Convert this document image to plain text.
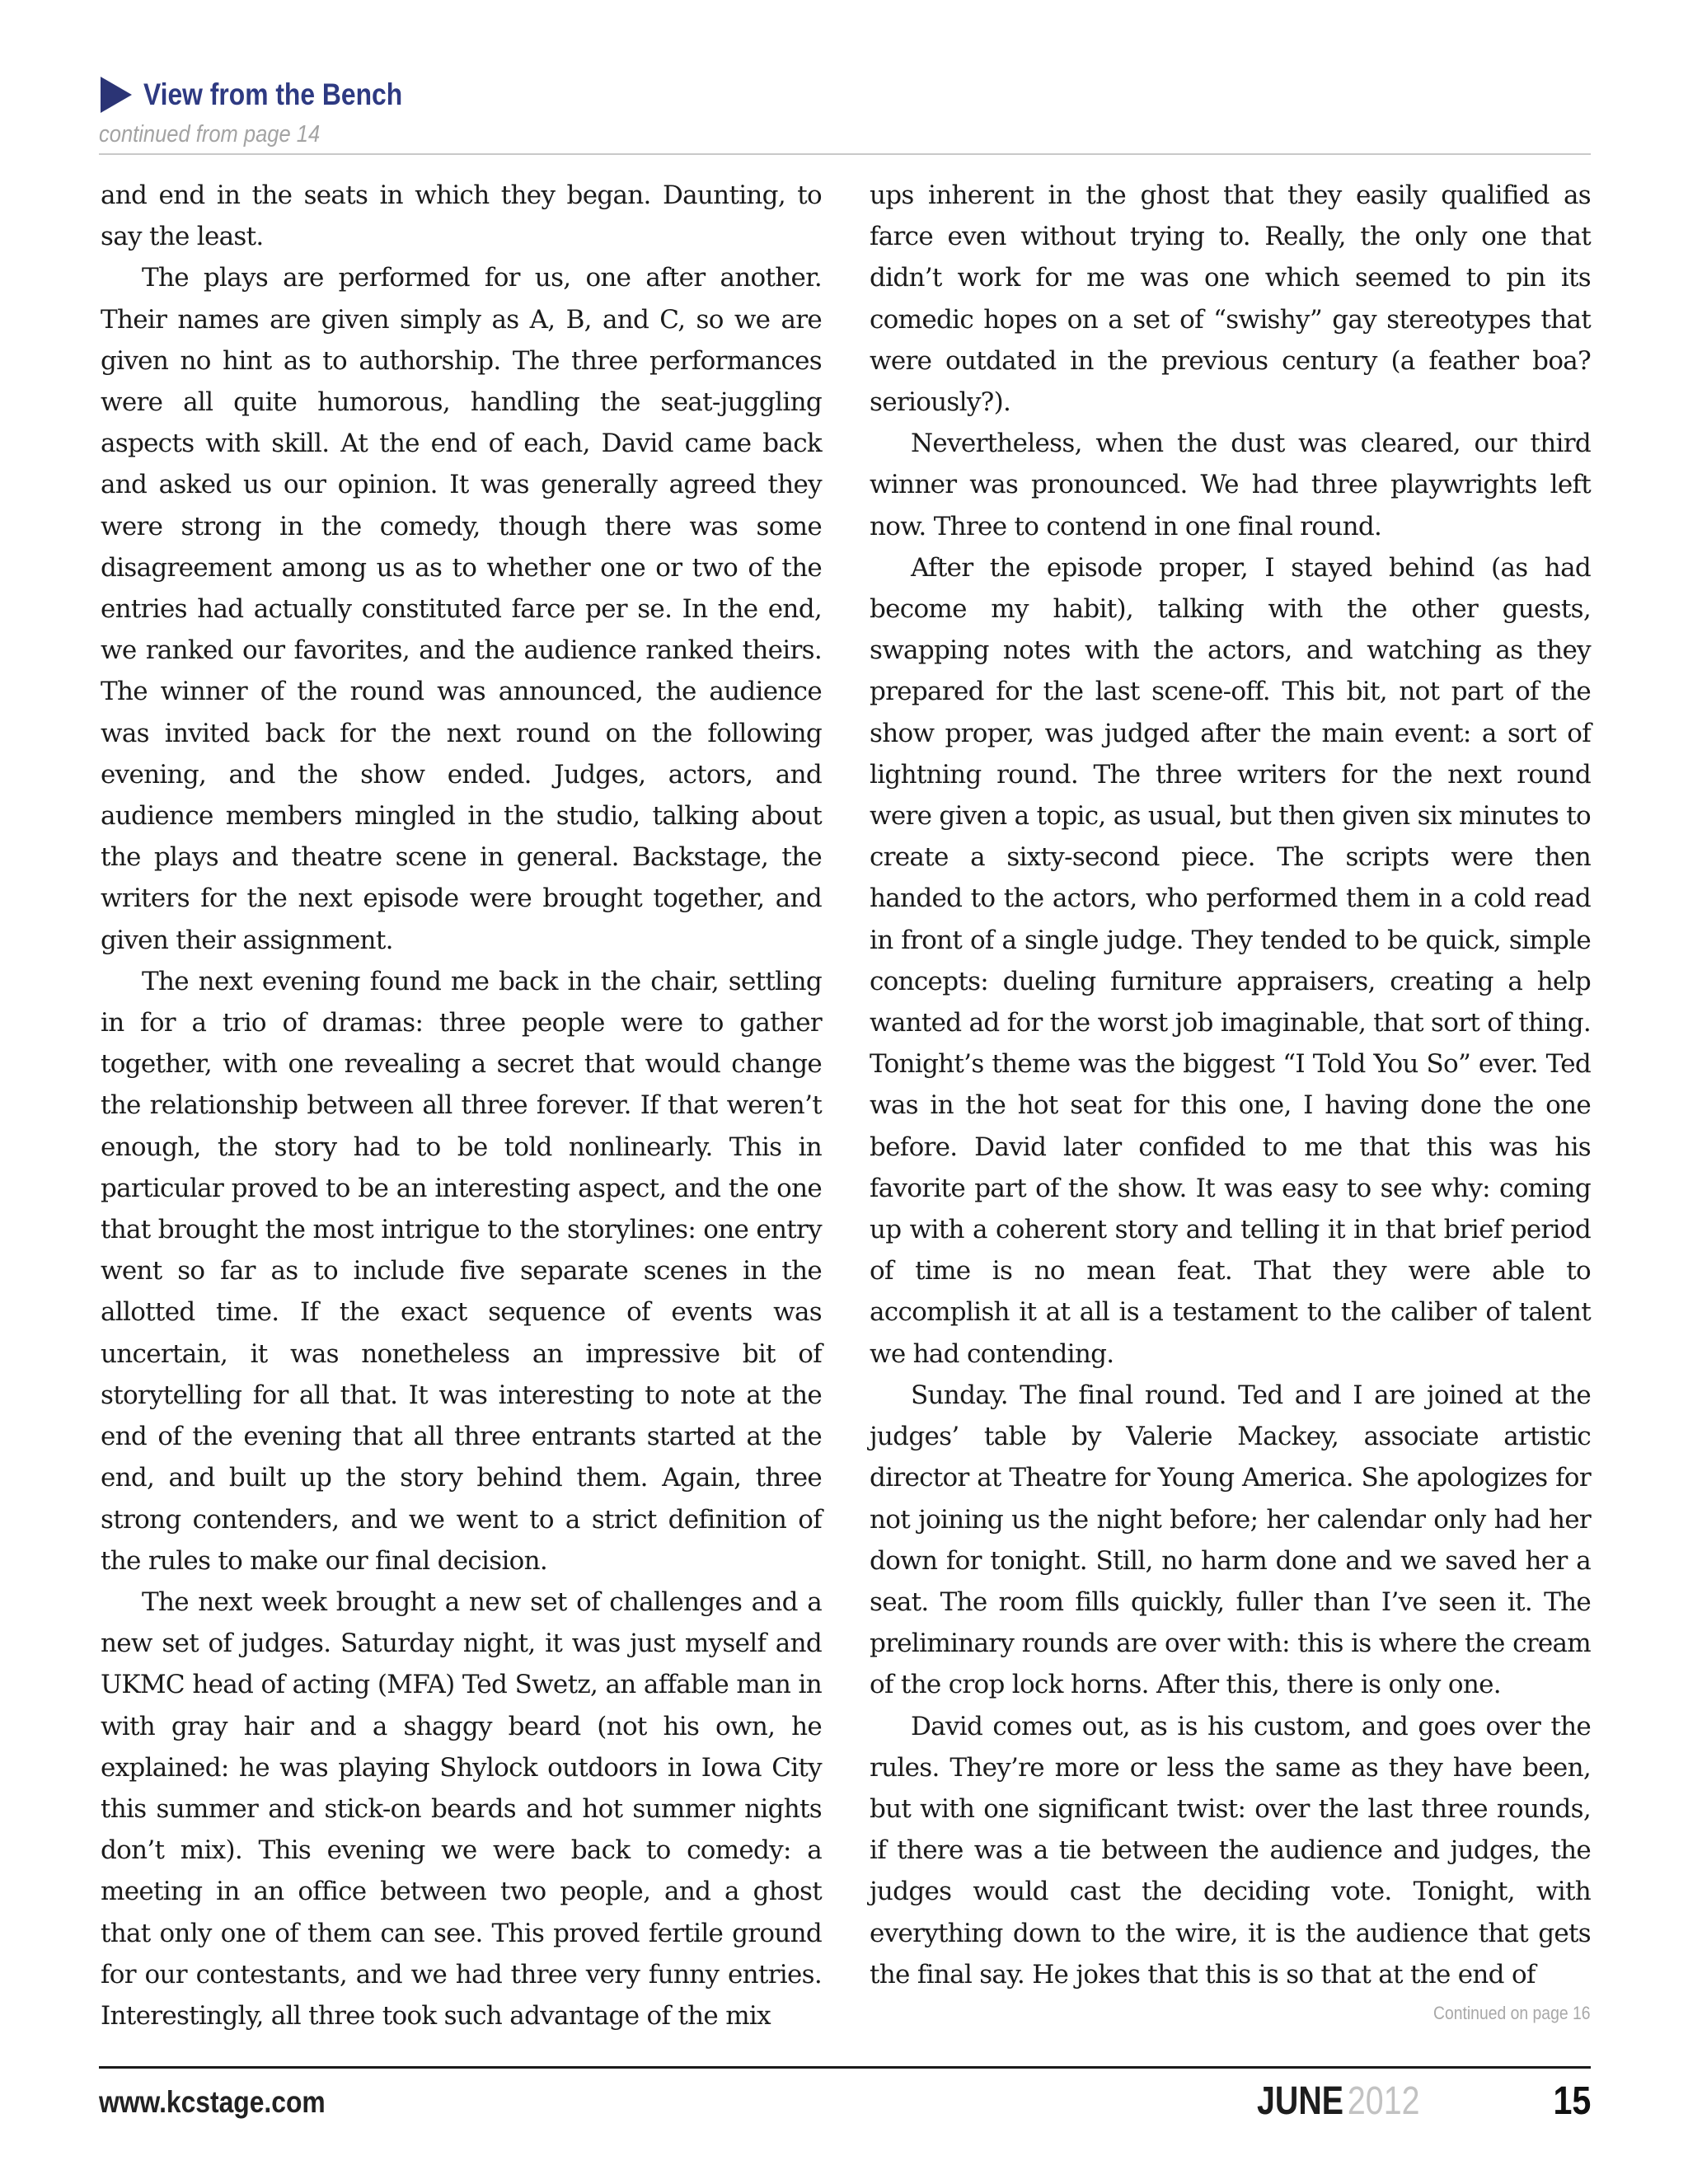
View from the Bench
continued from page 14

and end in the seats in which they began. Daunting, to say the least.

The plays are performed for us, one after another. Their names are given simply as A, B, and C, so we are given no hint as to authorship. The three performances were all quite humorous, handling the seat-juggling aspects with skill. At the end of each, David came back and asked us our opinion. It was generally agreed they were strong in the comedy, though there was some disagreement among us as to whether one or two of the entries had actually constituted farce per se. In the end, we ranked our favorites, and the audience ranked theirs. The winner of the round was announced, the audience was invited back for the next round on the following evening, and the show ended. Judges, actors, and audience members mingled in the studio, talking about the plays and theatre scene in general. Backstage, the writers for the next episode were brought together, and given their assignment.

The next evening found me back in the chair, settling in for a trio of dramas: three people were to gather together, with one revealing a secret that would change the relationship between all three forever. If that weren’t enough, the story had to be told nonlinearly. This in particular proved to be an interesting aspect, and the one that brought the most intrigue to the storylines: one entry went so far as to include five separate scenes in the allotted time. If the exact sequence of events was uncertain, it was nonetheless an impressive bit of storytelling for all that. It was interesting to note at the end of the evening that all three entrants started at the end, and built up the story behind them. Again, three strong contenders, and we went to a strict definition of the rules to make our final decision.

The next week brought a new set of challenges and a new set of judges. Saturday night, it was just myself and UKMC head of acting (MFA) Ted Swetz, an affable man in with gray hair and a shaggy beard (not his own, he explained: he was playing Shylock outdoors in Iowa City this summer and stick-on beards and hot summer nights don’t mix). This evening we were back to comedy: a meeting in an office between two people, and a ghost that only one of them can see. This proved fertile ground for our contestants, and we had three very funny entries. Interestingly, all three took such advantage of the mix

ups inherent in the ghost that they easily qualified as farce even without trying to. Really, the only one that didn’t work for me was one which seemed to pin its comedic hopes on a set of “swishy” gay stereotypes that were outdated in the previous century (a feather boa? seriously?).

Nevertheless, when the dust was cleared, our third winner was pronounced. We had three playwrights left now. Three to contend in one final round.

After the episode proper, I stayed behind (as had become my habit), talking with the other guests, swapping notes with the actors, and watching as they prepared for the last scene-off. This bit, not part of the show proper, was judged after the main event: a sort of lightning round. The three writers for the next round were given a topic, as usual, but then given six minutes to create a sixty-second piece. The scripts were then handed to the actors, who performed them in a cold read in front of a single judge. They tended to be quick, simple concepts: dueling furniture appraisers, creating a help wanted ad for the worst job imaginable, that sort of thing. Tonight’s theme was the biggest “I Told You So” ever. Ted was in the hot seat for this one, I having done the one before. David later confided to me that this was his favorite part of the show. It was easy to see why: coming up with a coherent story and telling it in that brief period of time is no mean feat. That they were able to accomplish it at all is a testament to the caliber of talent we had contending.

Sunday. The final round. Ted and I are joined at the judges’ table by Valerie Mackey, associate artistic director at Theatre for Young America. She apologizes for not joining us the night before; her calendar only had her down for tonight. Still, no harm done and we saved her a seat. The room fills quickly, fuller than I’ve seen it. The preliminary rounds are over with: this is where the cream of the crop lock horns. After this, there is only one.

David comes out, as is his custom, and goes over the rules. They’re more or less the same as they have been, but with one significant twist: over the last three rounds, if there was a tie between the audience and judges, the judges would cast the deciding vote. Tonight, with everything down to the wire, it is the audience that gets the final say. He jokes that this is so that at the end of

Continued on page 16
www.kcstage.com	JUNE 2012	15
